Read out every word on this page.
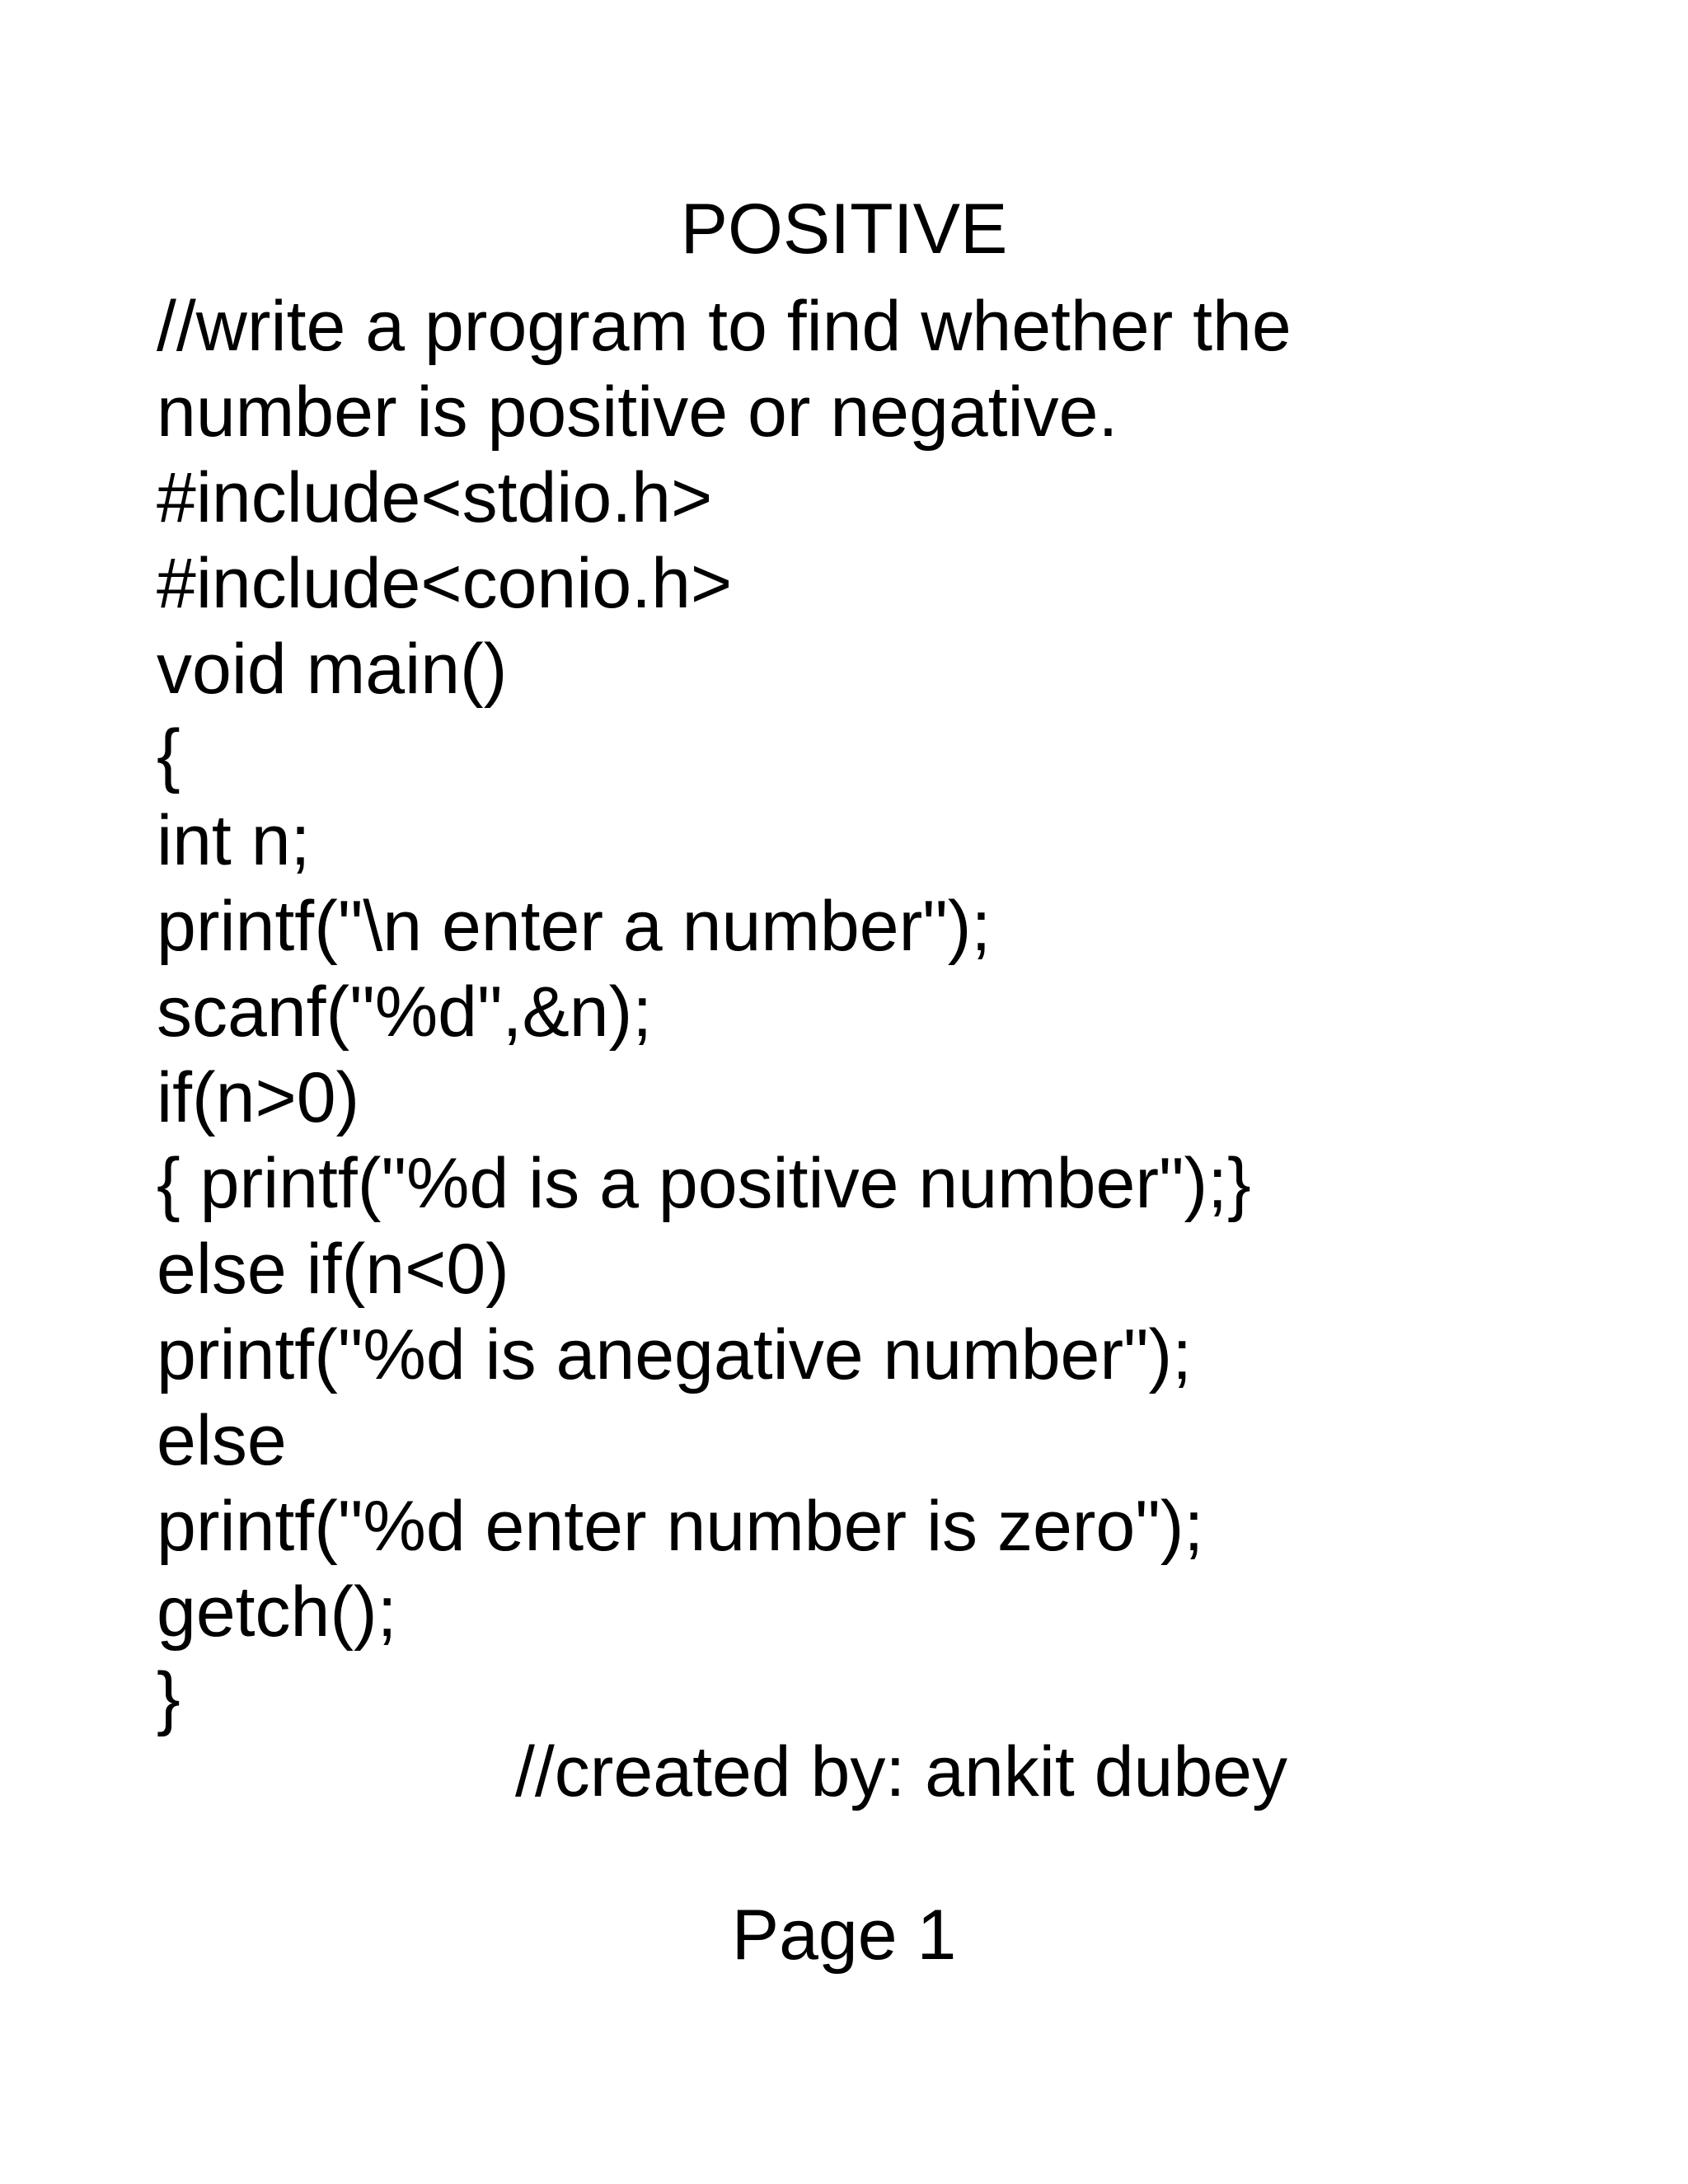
POSITIVE
//write a program to find whether the
number is positive or negative.
#include<stdio.h>
#include<conio.h>
void main()
{
int n;
printf("\n enter a number");
scanf("%d",&n);
if(n>0)
{ printf("%d is a positive number");}
else if(n<0)
printf("%d is anegative number");
else
printf("%d enter number is zero");
getch();
}
//created by: ankit dubey
Page 1
